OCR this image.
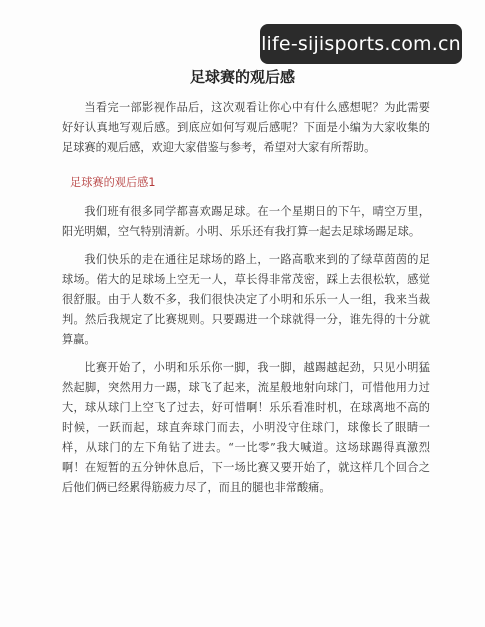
life-sijisports.com.cn
足球赛的观后感

当看完一部影视作品后，这次观看让你心中有什么感想呢？为此需要好好认真地写观后感。到底应如何写观后感呢？下面是小编为大家收集的足球赛的观后感，欢迎大家借鉴与参考，希望对大家有所帮助。

足球赛的观后感1

我们班有很多同学都喜欢踢足球。在一个星期日的下午，晴空万里，阳光明媚，空气特别清新。小明、乐乐还有我打算一起去足球场踢足球。

我们快乐的走在通往足球场的路上，一路高歌来到的了绿草茵茵的足球场。偌大的足球场上空无一人，草长得非常茂密，踩上去很松软，感觉很舒服。由于人数不多，我们很快决定了小明和乐乐一人一组，我来当裁判。然后我规定了比赛规则。只要踢进一个球就得一分，谁先得的十分就算赢。

比赛开始了，小明和乐乐你一脚，我一脚，越踢越起劲，只见小明猛然起脚，突然用力一踢，球飞了起来，流星般地射向球门，可惜他用力过大，球从球门上空飞了过去，好可惜啊！乐乐看准时机，在球离地不高的时候，一跃而起，球直奔球门而去，小明没守住球门，球像长了眼睛一样，从球门的左下角钻了进去。“一比零”我大喊道。这场球踢得真激烈啊！在短暂的五分钟休息后，下一场比赛又要开始了，就这样几个回合之后他们俩已经累得筋疲力尽了，而且的腿也非常酸痛。
